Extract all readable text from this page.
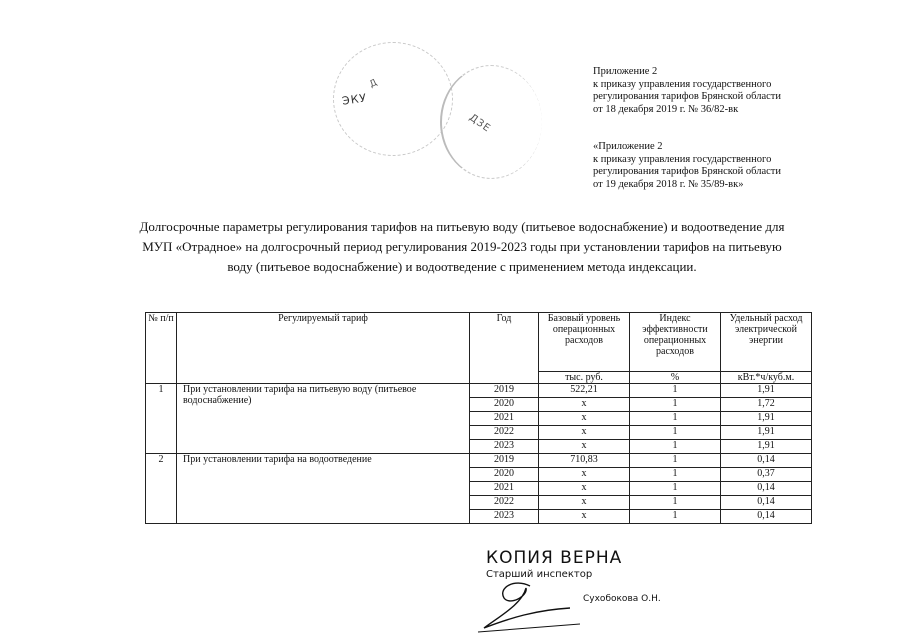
Д
ЭКУ
ДЗЕ
Приложение 2
к приказу управления государственного
регулирования тарифов Брянской области
от 18 декабря 2019 г. № 36/82-вк
«Приложение 2
к приказу управления государственного
регулирования тарифов Брянской области
от 19 декабря 2018 г. № 35/89-вк»
Долгосрочные параметры регулирования тарифов на питьевую воду (питьевое водоснабжение) и водоотведение для
МУП «Отрадное» на долгосрочный период регулирования 2019-2023 годы при установлении тарифов на питьевую
воду (питьевое водоснабжение) и водоотведение с применением метода индексации.
№ п/п	Регулируемый тариф	Год	Базовый уровень операционных расходов	Индекс эффективности операционных расходов	Удельный расход электрической энергии
			тыс. руб.	%	кВт.*ч/куб.м.
1	При установлении тарифа на питьевую воду (питьевое водоснабжение)	2019	522,21	1	1,91
		2020	х	1	1,72
		2021	х	1	1,91
		2022	х	1	1,91
		2023	х	1	1,91
2	При установлении тарифа на водоотведение	2019	710,83	1	0,14
		2020	х	1	0,37
		2021	х	1	0,14
		2022	х	1	0,14
		2023	х	1	0,14
КОПИЯ ВЕРНА
Старший инспектор
Сухобокова О.Н.
